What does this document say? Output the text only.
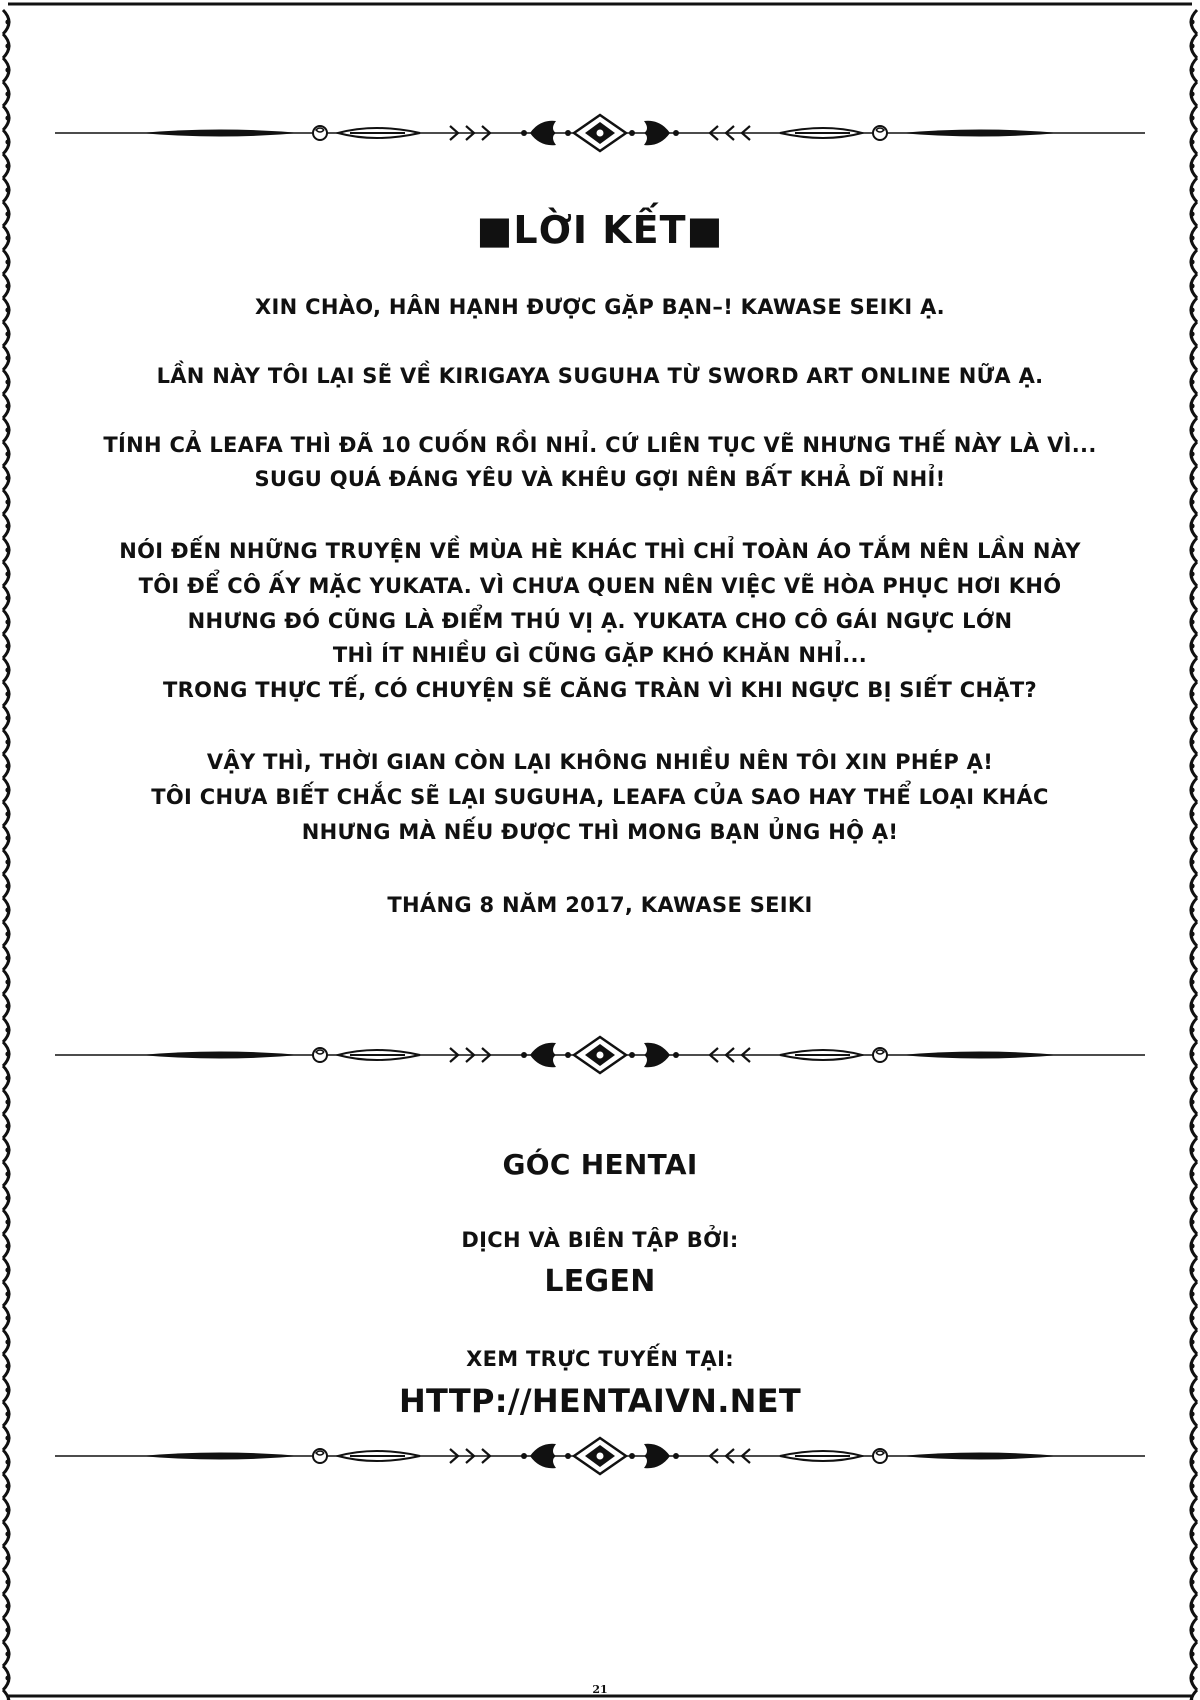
■LỜI KẾT■
XIN CHÀO, HÂN HẠNH ĐƯỢC GẶP BẠN–! KAWASE SEIKI Ạ.
LẦN NÀY TÔI LẠI SẼ VỀ KIRIGAYA SUGUHA TỪ SWORD ART ONLINE NỮA Ạ.
TÍNH CẢ LEAFA THÌ ĐÃ 10 CUỐN RỒI NHỈ. CỨ LIÊN TỤC VẼ NHƯNG THẾ NÀY LÀ VÌ...
SUGU QUÁ ĐÁNG YÊU VÀ KHÊU GỢI NÊN BẤT KHẢ DĨ NHỈ!
NÓI ĐẾN NHỮNG TRUYỆN VỀ MÙA HÈ KHÁC THÌ CHỈ TOÀN ÁO TẮM NÊN LẦN NÀY
TÔI ĐỂ CÔ ẤY MẶC YUKATA. VÌ CHƯA QUEN NÊN VIỆC VẼ HÒA PHỤC HƠI KHÓ
NHƯNG ĐÓ CŨNG LÀ ĐIỂM THÚ VỊ Ạ. YUKATA CHO CÔ GÁI NGỰC LỚN
THÌ ÍT NHIỀU GÌ CŨNG GẶP KHÓ KHĂN NHỈ...
TRONG THỰC TẾ, CÓ CHUYỆN SẼ CĂNG TRÀN VÌ KHI NGỰC BỊ SIẾT CHẶT?
VẬY THÌ, THỜI GIAN CÒN LẠI KHÔNG NHIỀU NÊN TÔI XIN PHÉP Ạ!
TÔI CHƯA BIẾT CHẮC SẼ LẠI SUGUHA, LEAFA CỦA SAO HAY THỂ LOẠI KHÁC
NHƯNG MÀ NẾU ĐƯỢC THÌ MONG BẠN ỦNG HỘ Ạ!
THÁNG 8 NĂM 2017, KAWASE SEIKI
GÓC HENTAI
DỊCH VÀ BIÊN TẬP BỞI:
LEGEN
XEM TRỰC TUYẾN TẠI:
HTTP://HENTAIVN.NET
21
